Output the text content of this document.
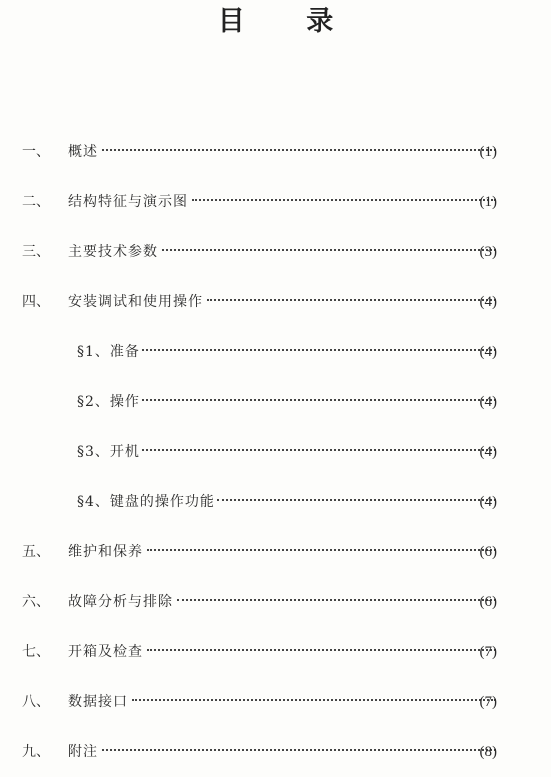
目 录
一、 概述	(1)
二、 结构特征与演示图	(1)
三、 主要技术参数	(3)
四、 安装调试和使用操作	(4)
§1、准备	(4)
§2、操作	(4)
§3、开机	(4)
§4、键盘的操作功能	(4)
五、 维护和保养	(6)
六、 故障分析与排除	(6)
七、 开箱及检查	(7)
八、 数据接口	(7)
九、 附注	(8)
